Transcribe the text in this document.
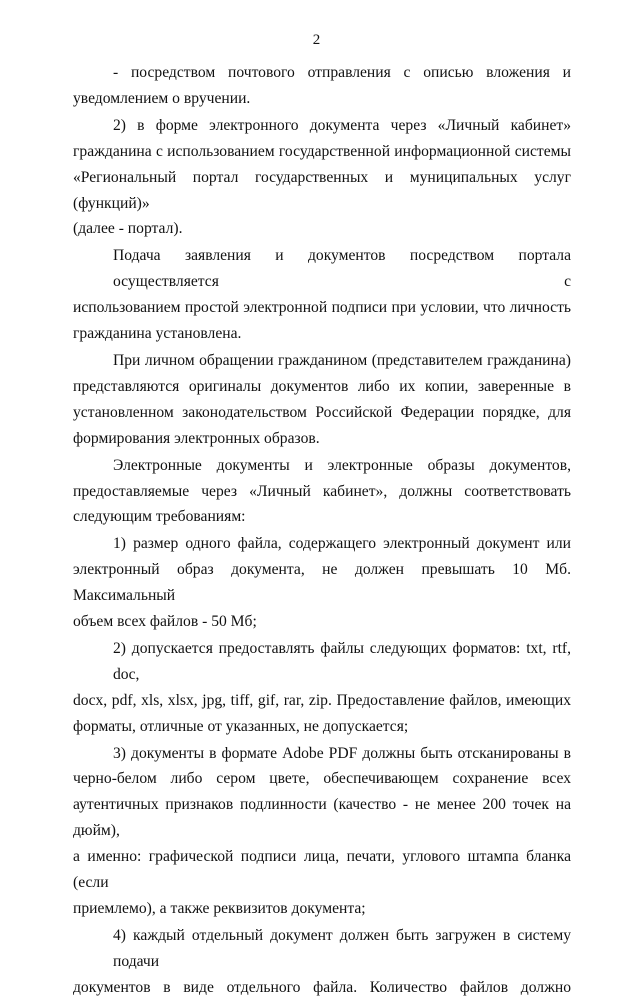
2
- посредством почтового отправления с описью вложения и
уведомлением о вручении.
2) в форме электронного документа через «Личный кабинет»
гражданина с использованием государственной информационной системы
«Региональный портал государственных и муниципальных услуг (функций)»
(далее - портал).
Подача заявления и документов посредством портала осуществляется с
использованием простой электронной подписи при условии, что личность
гражданина установлена.
При личном обращении гражданином (представителем гражданина)
представляются оригиналы документов либо их копии, заверенные в
установленном законодательством Российской Федерации порядке, для
формирования электронных образов.
Электронные документы и электронные образы документов,
предоставляемые через «Личный кабинет», должны соответствовать
следующим требованиям:
1) размер одного файла, содержащего электронный документ или
электронный образ документа, не должен превышать 10 Мб. Максимальный
объем всех файлов - 50 Мб;
2) допускается предоставлять файлы следующих форматов: txt, rtf, doc,
docx, pdf, xls, xlsx, jpg, tiff, gif, rar, zip. Предоставление файлов, имеющих
форматы, отличные от указанных, не допускается;
3) документы в формате Adobe PDF должны быть отсканированы в
черно-белом либо сером цвете, обеспечивающем сохранение всех
аутентичных признаков подлинности (качество - не менее 200 точек на дюйм),
а именно: графической подписи лица, печати, углового штампа бланка (если
приемлемо), а также реквизитов документа;
4) каждый отдельный документ должен быть загружен в систему подачи
документов в виде отдельного файла. Количество файлов должно
